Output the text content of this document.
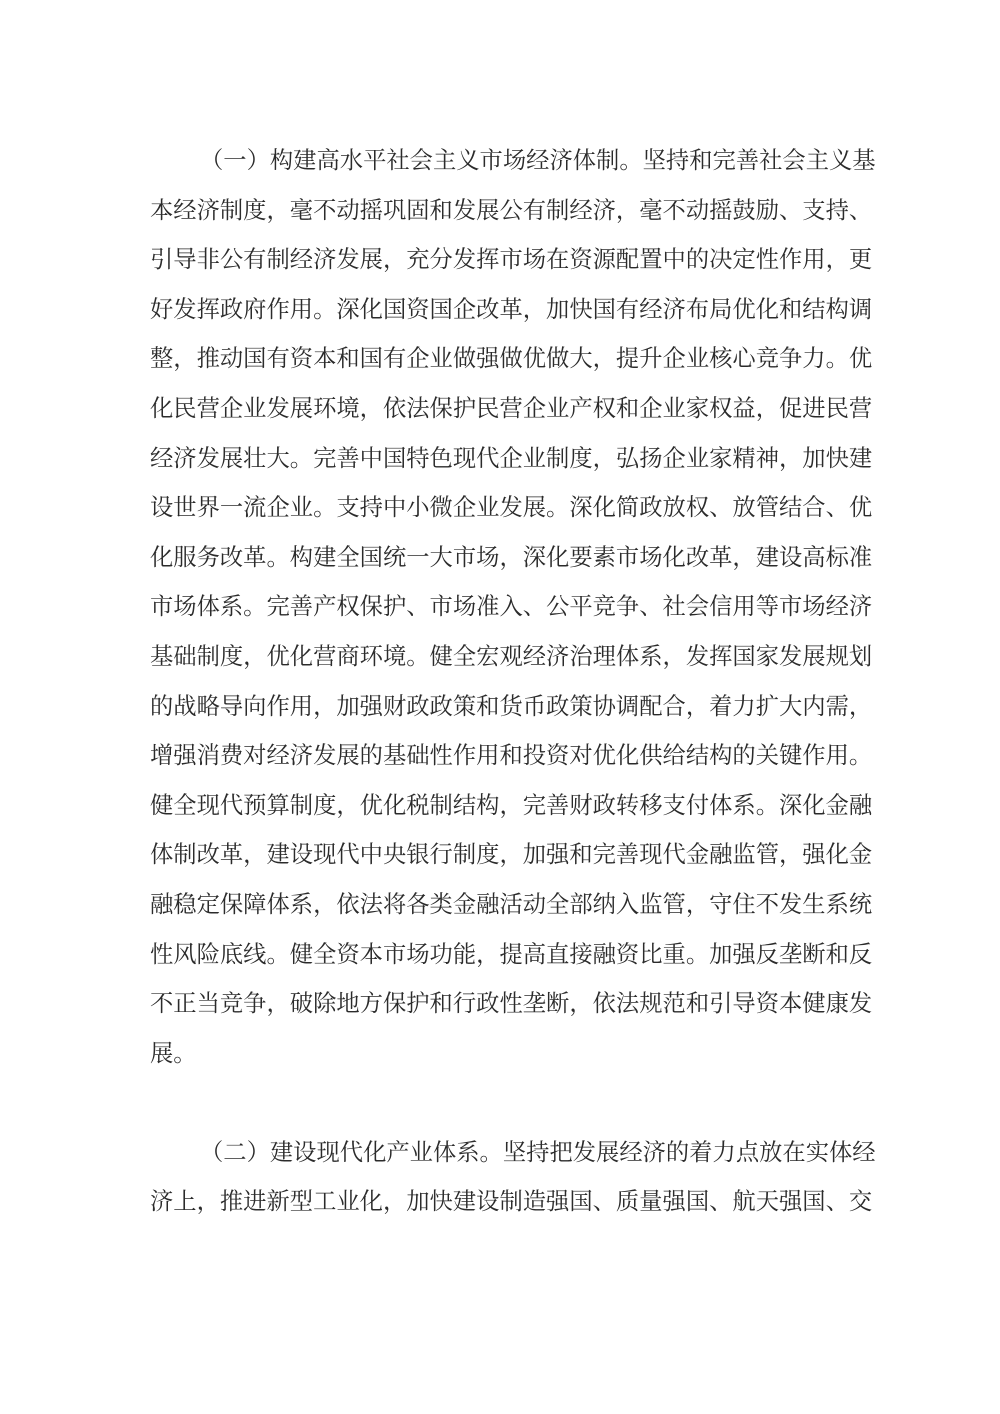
（一）构建高水平社会主义市场经济体制。坚持和完善社会主义基
本经济制度，毫不动摇巩固和发展公有制经济，毫不动摇鼓励、支持、
引导非公有制经济发展，充分发挥市场在资源配置中的决定性作用，更
好发挥政府作用。深化国资国企改革，加快国有经济布局优化和结构调
整，推动国有资本和国有企业做强做优做大，提升企业核心竞争力。优
化民营企业发展环境，依法保护民营企业产权和企业家权益，促进民营
经济发展壮大。完善中国特色现代企业制度，弘扬企业家精神，加快建
设世界一流企业。支持中小微企业发展。深化简政放权、放管结合、优
化服务改革。构建全国统一大市场，深化要素市场化改革，建设高标准
市场体系。完善产权保护、市场准入、公平竞争、社会信用等市场经济
基础制度，优化营商环境。健全宏观经济治理体系，发挥国家发展规划
的战略导向作用，加强财政政策和货币政策协调配合，着力扩大内需，
增强消费对经济发展的基础性作用和投资对优化供给结构的关键作用。
健全现代预算制度，优化税制结构，完善财政转移支付体系。深化金融
体制改革，建设现代中央银行制度，加强和完善现代金融监管，强化金
融稳定保障体系，依法将各类金融活动全部纳入监管，守住不发生系统
性风险底线。健全资本市场功能，提高直接融资比重。加强反垄断和反
不正当竞争，破除地方保护和行政性垄断，依法规范和引导资本健康发
展。
（二）建设现代化产业体系。坚持把发展经济的着力点放在实体经
济上，推进新型工业化，加快建设制造强国、质量强国、航天强国、交
